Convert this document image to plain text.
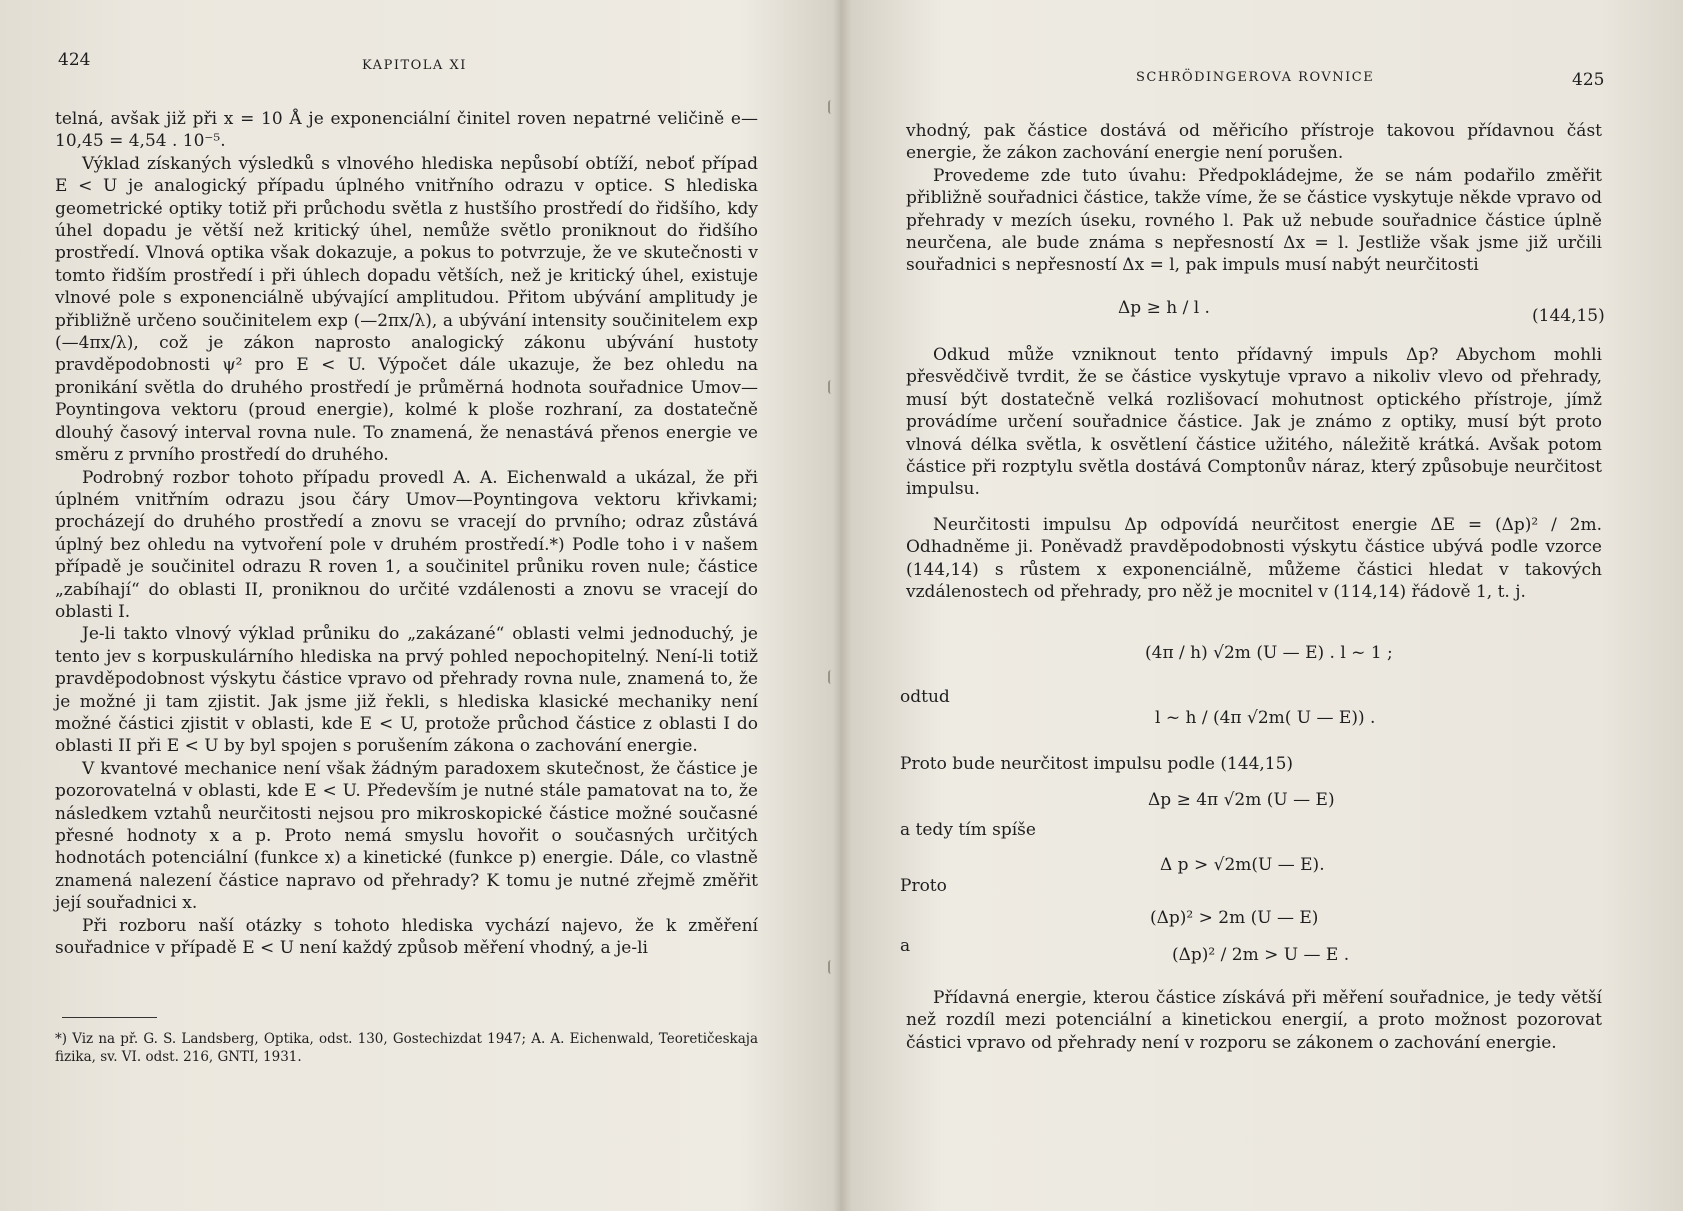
424	KAPITOLA XI

telná, avšak již při x = 10 Å je exponenciální činitel roven nepatrné veličině e—10,45 = 4,54 . 10⁻⁵.

Výklad získaných výsledků s vlnového hlediska nepůsobí obtíží, neboť případ E < U je analogický případu úplného vnitřního odrazu v optice. S hlediska geometrické optiky totiž při průchodu světla z hustšího prostředí do řidšího, kdy úhel dopadu je větší než kritický úhel, nemůže světlo proniknout do řidšího prostředí. Vlnová optika však dokazuje, a pokus to potvrzuje, že ve skutečnosti v tomto řidším prostředí i při úhlech dopadu větších, než je kritický úhel, existuje vlnové pole s exponenciálně ubývající amplitudou. Přitom ubývání amplitudy je přibližně určeno součinitelem exp (—2πx/λ), a ubývání intensity součinitelem exp (—4πx/λ), což je zákon naprosto analogický zákonu ubývání hustoty pravděpodobnosti ψ² pro E < U. Výpočet dále ukazuje, že bez ohledu na pronikání světla do druhého prostředí je průměrná hodnota souřadnice Umov—Poyntingova vektoru (proud energie), kolmé k ploše rozhraní, za dostatečně dlouhý časový interval rovna nule. To znamená, že nenastává přenos energie ve směru z prvního prostředí do druhého.

Podrobný rozbor tohoto případu provedl A. A. Eichenwald a ukázal, že při úplném vnitřním odrazu jsou čáry Umov—Poyntingova vektoru křivkami; procházejí do druhého prostředí a znovu se vracejí do prvního; odraz zůstává úplný bez ohledu na vytvoření pole v druhém prostředí.*) Podle toho i v našem případě je součinitel odrazu R roven 1, a součinitel průniku roven nule; částice „zabíhají“ do oblasti II, proniknou do určité vzdálenosti a znovu se vracejí do oblasti I.

Je-li takto vlnový výklad průniku do „zakázané“ oblasti velmi jednoduchý, je tento jev s korpuskulárního hlediska na prvý pohled nepochopitelný. Není-li totiž pravděpodobnost výskytu částice vpravo od přehrady rovna nule, znamená to, že je možné ji tam zjistit. Jak jsme již řekli, s hlediska klasické mechaniky není možné částici zjistit v oblasti, kde E < U, protože průchod částice z oblasti I do oblasti II při E < U by byl spojen s porušením zákona o zachování energie.

V kvantové mechanice není však žádným paradoxem skutečnost, že částice je pozorovatelná v oblasti, kde E < U. Především je nutné stále pamatovat na to, že následkem vztahů neurčitosti nejsou pro mikroskopické částice možné současné přesné hodnoty x a p. Proto nemá smyslu hovořit o současných určitých hodnotách potenciální (funkce x) a kinetické (funkce p) energie. Dále, co vlastně znamená nalezení částice napravo od přehrady? K tomu je nutné zřejmě změřit její souřadnici x.

Při rozboru naší otázky s tohoto hlediska vychází najevo, že k změření souřadnice v případě E < U není každý způsob měření vhodný, a je-li

*) Viz na př. G. S. Landsberg, Optika, odst. 130, Gostechizdat 1947; A. A. Eichenwald, Teoretičeskaja fizika, sv. VI. odst. 216, GNTI, 1931.
SCHRÖDINGEROVA ROVNICE	425

vhodný, pak částice dostává od měřicího přístroje takovou přídavnou část energie, že zákon zachování energie není porušen.

Provedeme zde tuto úvahu: Předpokládejme, že se nám podařilo změřit přibližně souřadnici částice, takže víme, že se částice vyskytuje někde vpravo od přehrady v mezích úseku, rovného l. Pak už nebude souřadnice částice úplně neurčena, ale bude známa s nepřesností Δx = l. Jestliže však jsme již určili souřadnici s nepřesností Δx = l, pak impuls musí nabýt neurčitosti

Δp ≥ h / l .	(144,15)

Odkud může vzniknout tento přídavný impuls Δp? Abychom mohli přesvědčivě tvrdit, že se částice vyskytuje vpravo a nikoliv vlevo od přehrady, musí být dostatečně velká rozlišovací mohutnost optického přístroje, jímž provádíme určení souřadnice částice. Jak je známo z optiky, musí být proto vlnová délka světla, k osvětlení částice užitého, náležitě krátká. Avšak potom částice při rozptylu světla dostává Comptonův náraz, který způsobuje neurčitost impulsu.

Neurčitosti impulsu Δp odpovídá neurčitost energie ΔE = (Δp)² / 2m. Odhadněme ji. Poněvadž pravděpodobnosti výskytu částice ubývá podle vzorce (144,14) s růstem x exponenciálně, můžeme částici hledat v takových vzdálenostech od přehrady, pro něž je mocnitel v (114,14) řádově 1, t. j.

(4π / h) √2m (U — E) . l ~ 1 ;
odtud
l ~ h / (4π √2m( U — E)) .
Proto bude neurčitost impulsu podle (144,15)
Δp ≥ 4π √2m (U — E)
a tedy tím spíše
Δ p > √2m(U — E).
Proto
(Δp)² > 2m (U — E)
a	(Δp)² / 2m > U — E .

Přídavná energie, kterou částice získává při měření souřadnice, je tedy větší než rozdíl mezi potenciální a kinetickou energií, a proto možnost pozorovat částici vpravo od přehrady není v rozporu se zákonem o zachování energie.
